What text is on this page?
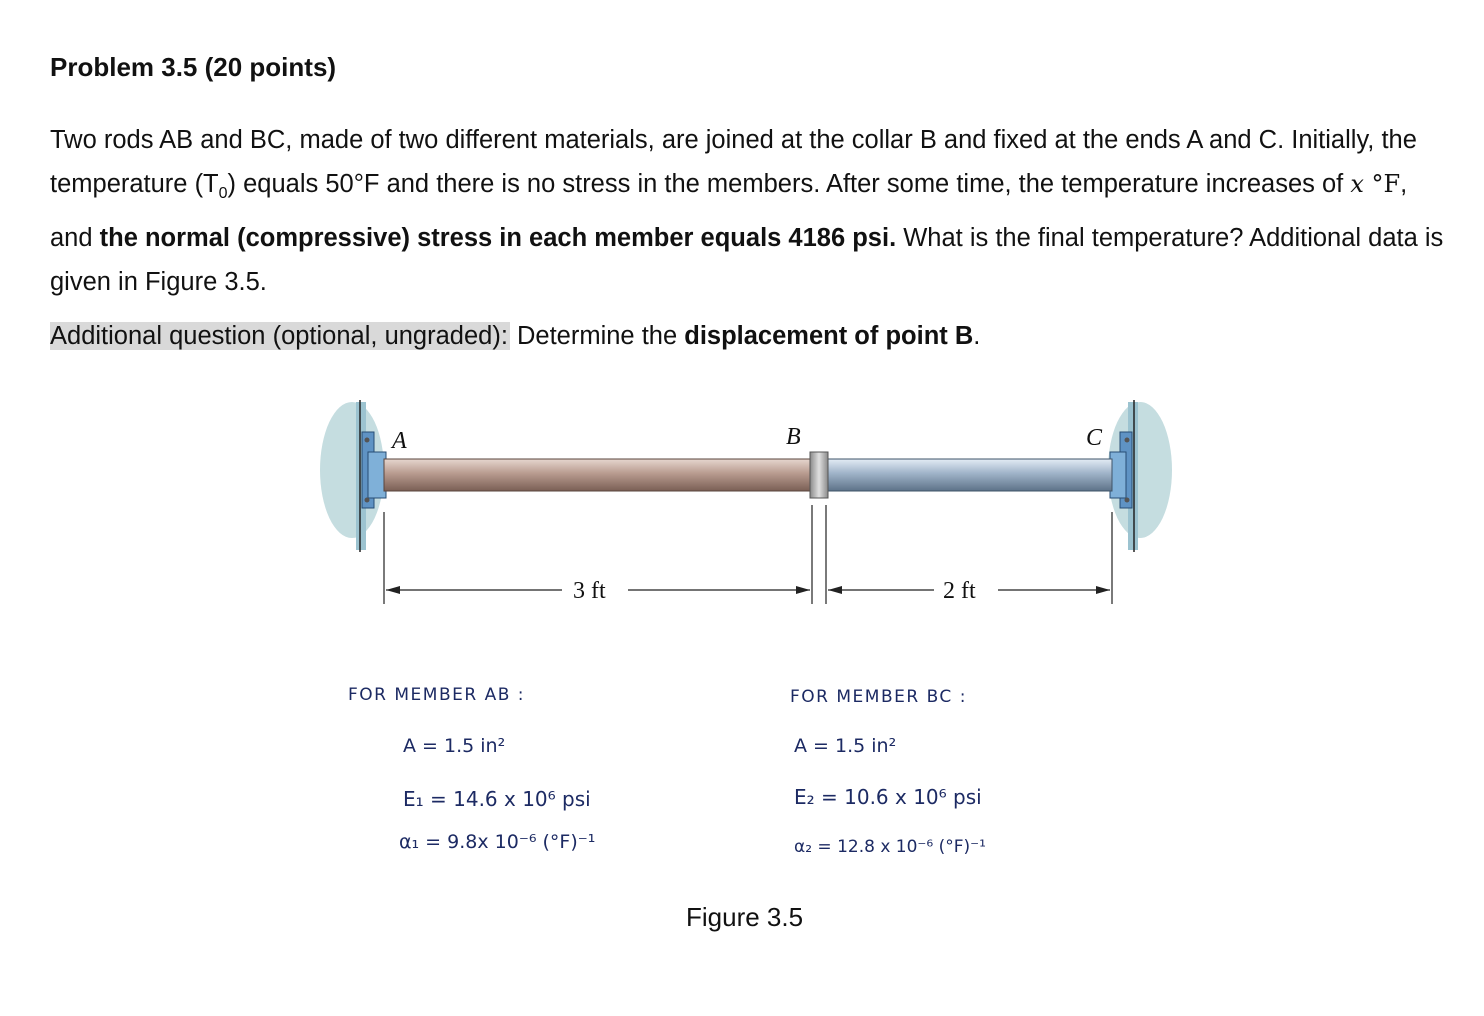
Problem 3.5 (20 points)
Two rods AB and BC, made of two different materials, are joined at the collar B and fixed at the ends A and C. Initially, the temperature $(T_0)$ equals 50°F and there is no stress in the members. After some time, the temperature increases of x °F, and the normal (compressive) stress in each member equals 4186 psi. What is the final temperature? Additional data is given in Figure 3.5.
Additional question (optional, ungraded): Determine the displacement of point B.
A	B	C
3 ft	2 ft
FOR MEMBER AB :
A = 1.5 in²
E₁ = 14.6 x 10⁶ psi
α₁ = 9.8x 10⁻⁶ (°F)⁻¹
FOR MEMBER BC :
A = 1.5 in²
E₂ = 10.6 x 10⁶ psi
α₂ = 12.8 x 10⁻⁶ (°F)⁻¹
Figure 3.5
